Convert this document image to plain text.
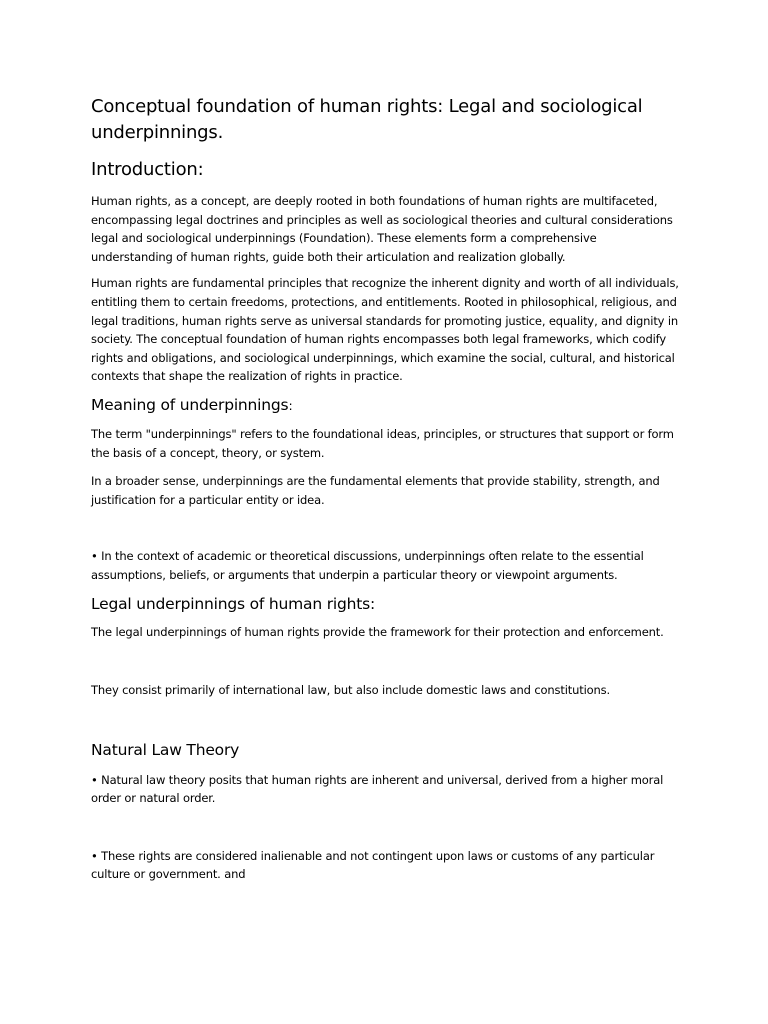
Conceptual foundation of human rights: Legal and sociological underpinnings.
Introduction:

Human rights, as a concept, are deeply rooted in both foundations of human rights are multifaceted, encompassing legal doctrines and principles as well as sociological theories and cultural considerations legal and sociological underpinnings (Foundation). These elements form a comprehensive understanding of human rights, guide both their articulation and realization globally.

Human rights are fundamental principles that recognize the inherent dignity and worth of all individuals, entitling them to certain freedoms, protections, and entitlements. Rooted in philosophical, religious, and legal traditions, human rights serve as universal standards for promoting justice, equality, and dignity in society. The conceptual foundation of human rights encompasses both legal frameworks, which codify rights and obligations, and sociological underpinnings, which examine the social, cultural, and historical contexts that shape the realization of rights in practice.

Meaning of underpinnings:

The term "underpinnings" refers to the foundational ideas, principles, or structures that support or form the basis of a concept, theory, or system.

In a broader sense, underpinnings are the fundamental elements that provide stability, strength, and justification for a particular entity or idea.

• In the context of academic or theoretical discussions, underpinnings often relate to the essential assumptions, beliefs, or arguments that underpin a particular theory or viewpoint arguments.

Legal underpinnings of human rights:

The legal underpinnings of human rights provide the framework for their protection and enforcement.

They consist primarily of international law, but also include domestic laws and constitutions.

Natural Law Theory

• Natural law theory posits that human rights are inherent and universal, derived from a higher moral order or natural order.

• These rights are considered inalienable and not contingent upon laws or customs of any particular culture or government. and
